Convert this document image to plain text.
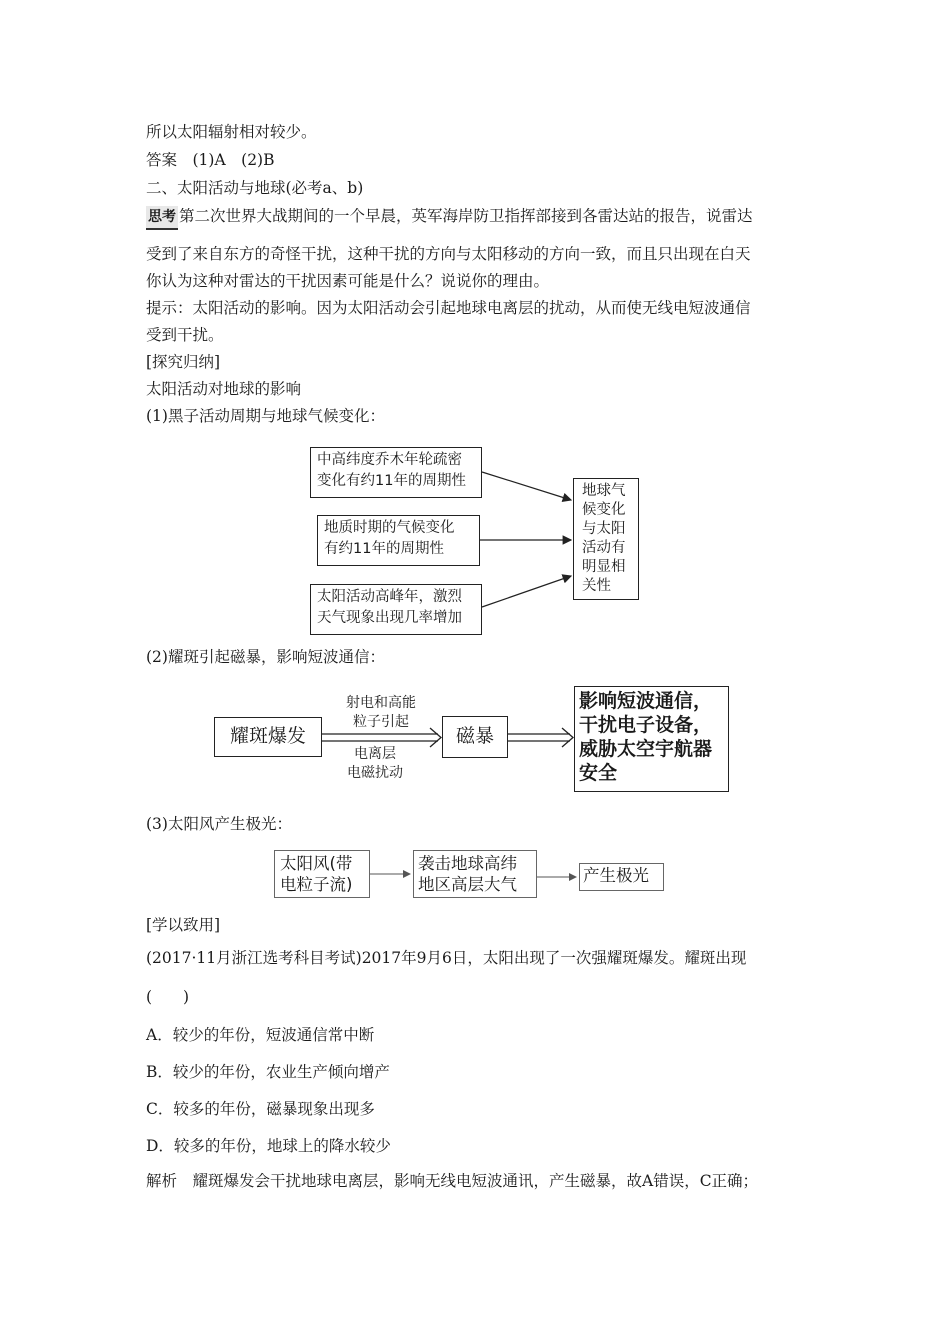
所以太阳辐射相对较少。
答案　(1)A　(2)B
二、太阳活动与地球(必考a、b)
思考 第二次世界大战期间的一个早晨，英军海岸防卫指挥部接到各雷达站的报告，说雷达
受到了来自东方的奇怪干扰，这种干扰的方向与太阳移动的方向一致，而且只出现在白天
你认为这种对雷达的干扰因素可能是什么？说说你的理由。
提示：太阳活动的影响。因为太阳活动会引起地球电离层的扰动，从而使无线电短波通信
受到干扰。
[探究归纳]
太阳活动对地球的影响
(1)黑子活动周期与地球气候变化：
中高纬度乔木年轮疏密
变化有约11年的周期性
地质时期的气候变化
有约11年的周期性
太阳活动高峰年，激烈
天气现象出现几率增加
地球气
候变化
与太阳
活动有
明显相
关性
(2)耀斑引起磁暴，影响短波通信：
耀斑爆发
射电和高能
粒子引起
电离层
电磁扰动
磁暴
影响短波通信，
干扰电子设备，
威胁太空宇航器
安全
(3)太阳风产生极光：
太阳风(带
电粒子流)
袭击地球高纬
地区高层大气	产生极光
[学以致用]
(2017·11月浙江选考科目考试)2017年9月6日，太阳出现了一次强耀斑爆发。耀斑出现
(　　)
A．较少的年份，短波通信常中断
B．较少的年份，农业生产倾向增产
C．较多的年份，磁暴现象出现多
D．较多的年份，地球上的降水较少
解析　耀斑爆发会干扰地球电离层，影响无线电短波通讯，产生磁暴，故A错误，C正确；
